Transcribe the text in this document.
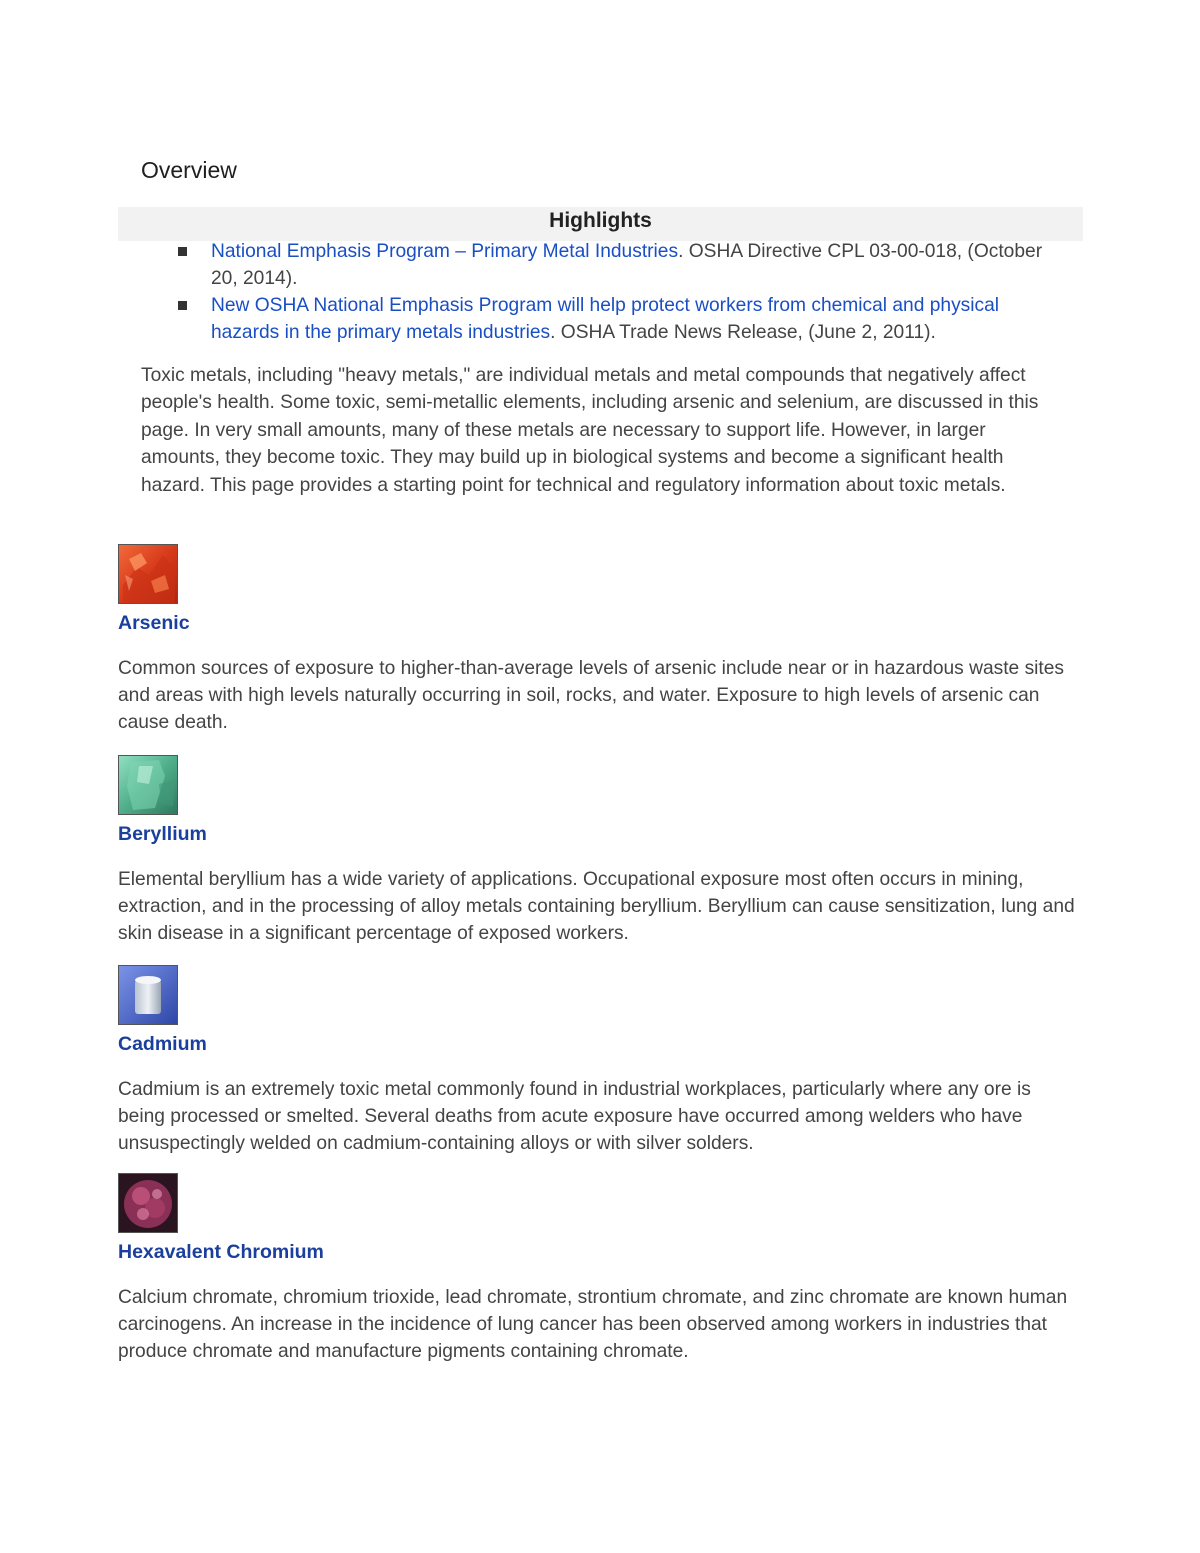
Overview
Highlights
National Emphasis Program – Primary Metal Industries. OSHA Directive CPL 03-00-018, (October 20, 2014).
New OSHA National Emphasis Program will help protect workers from chemical and physical hazards in the primary metals industries. OSHA Trade News Release, (June 2, 2011).

Toxic metals, including "heavy metals," are individual metals and metal compounds that negatively affect people's health. Some toxic, semi-metallic elements, including arsenic and selenium, are discussed in this page. In very small amounts, many of these metals are necessary to support life. However, in larger amounts, they become toxic. They may build up in biological systems and become a significant health hazard. This page provides a starting point for technical and regulatory information about toxic metals.

Arsenic

Common sources of exposure to higher-than-average levels of arsenic include near or in hazardous waste sites and areas with high levels naturally occurring in soil, rocks, and water. Exposure to high levels of arsenic can cause death.

Beryllium

Elemental beryllium has a wide variety of applications. Occupational exposure most often occurs in mining, extraction, and in the processing of alloy metals containing beryllium. Beryllium can cause sensitization, lung and skin disease in a significant percentage of exposed workers.

Cadmium

Cadmium is an extremely toxic metal commonly found in industrial workplaces, particularly where any ore is being processed or smelted. Several deaths from acute exposure have occurred among welders who have unsuspectingly welded on cadmium-containing alloys or with silver solders.

Hexavalent Chromium

Calcium chromate, chromium trioxide, lead chromate, strontium chromate, and zinc chromate are known human carcinogens. An increase in the incidence of lung cancer has been observed among workers in industries that produce chromate and manufacture pigments containing chromate.
